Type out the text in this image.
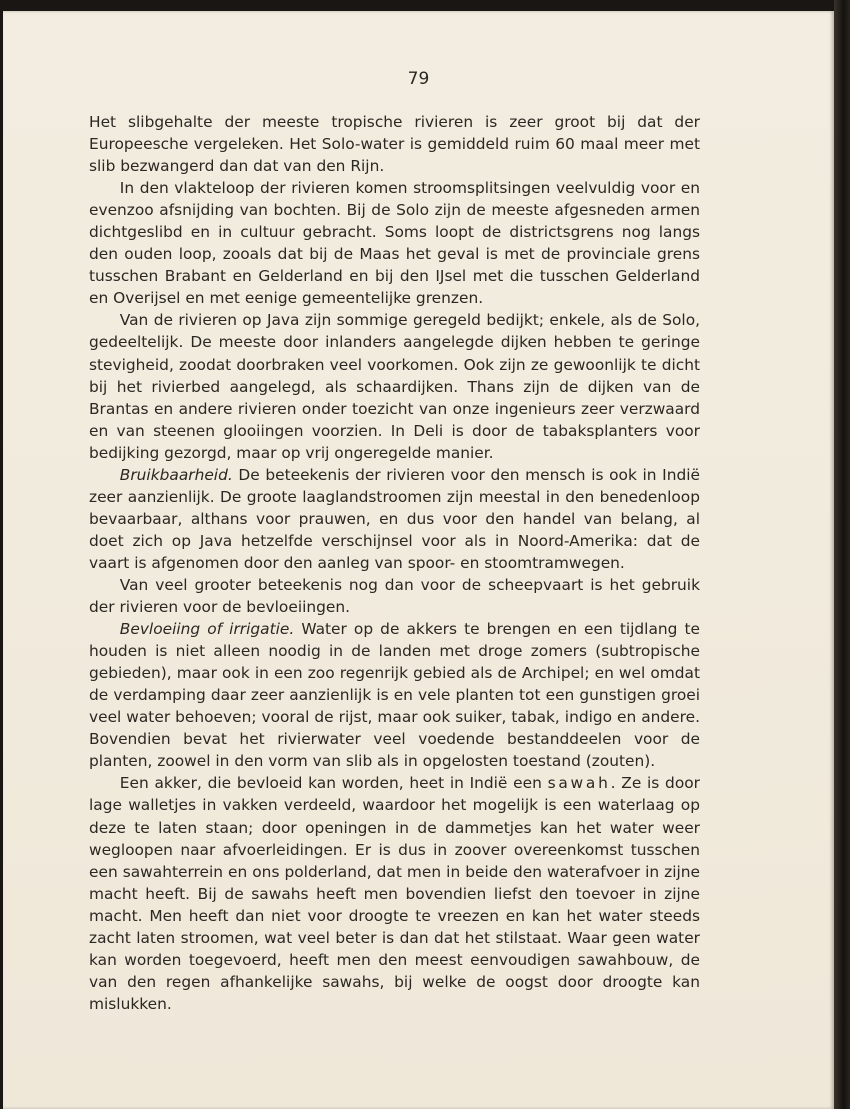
79

Het slibgehalte der meeste tropische rivieren is zeer groot bij dat der Europeesche vergeleken. Het Solo-water is gemiddeld ruim 60 maal meer met slib bezwangerd dan dat van den Rijn.

In den vlakteloop der rivieren komen stroomsplitsingen veelvuldig voor en evenzoo afsnijding van bochten. Bij de Solo zijn de meeste afgesneden armen dichtgeslibd en in cultuur gebracht. Soms loopt de districtsgrens nog langs den ouden loop, zooals dat bij de Maas het geval is met de provinciale grens tusschen Brabant en Gelderland en bij den IJsel met die tusschen Gelderland en Overijsel en met eenige gemeentelijke grenzen.

Van de rivieren op Java zijn sommige geregeld bedijkt; enkele, als de Solo, gedeeltelijk. De meeste door inlanders aangelegde dijken hebben te geringe stevigheid, zoodat doorbraken veel voorkomen. Ook zijn ze gewoonlijk te dicht bij het rivierbed aangelegd, als schaardijken. Thans zijn de dijken van de Brantas en andere rivieren onder toezicht van onze ingenieurs zeer verzwaard en van steenen glooiingen voorzien. In Deli is door de tabaksplanters voor bedijking gezorgd, maar op vrij ongeregelde manier.

Bruikbaarheid. De beteekenis der rivieren voor den mensch is ook in Indië zeer aanzienlijk. De groote laaglandstroomen zijn meestal in den benedenloop bevaarbaar, althans voor prauwen, en dus voor den handel van belang, al doet zich op Java hetzelfde verschijnsel voor als in Noord-Amerika: dat de vaart is afgenomen door den aanleg van spoor- en stoomtramwegen.

Van veel grooter beteekenis nog dan voor de scheepvaart is het gebruik der rivieren voor de bevloeiingen.

Bevloeiing of irrigatie. Water op de akkers te brengen en een tijdlang te houden is niet alleen noodig in de landen met droge zomers (subtropische gebieden), maar ook in een zoo regenrijk gebied als de Archipel; en wel omdat de verdamping daar zeer aanzienlijk is en vele planten tot een gunstigen groei veel water behoeven; vooral de rijst, maar ook suiker, tabak, indigo en andere. Bovendien bevat het rivierwater veel voedende bestanddeelen voor de planten, zoowel in den vorm van slib als in opgelosten toestand (zouten).

Een akker, die bevloeid kan worden, heet in Indië een sawah. Ze is door lage walletjes in vakken verdeeld, waardoor het mogelijk is een waterlaag op deze te laten staan; door openingen in de dammetjes kan het water weer wegloopen naar afvoerleidingen. Er is dus in zoover overeenkomst tusschen een sawahterrein en ons polderland, dat men in beide den waterafvoer in zijne macht heeft. Bij de sawahs heeft men bovendien liefst den toevoer in zijne macht. Men heeft dan niet voor droogte te vreezen en kan het water steeds zacht laten stroomen, wat veel beter is dan dat het stilstaat. Waar geen water kan worden toegevoerd, heeft men den meest eenvoudigen sawahbouw, de van den regen afhankelijke sawahs, bij welke de oogst door droogte kan mislukken.
